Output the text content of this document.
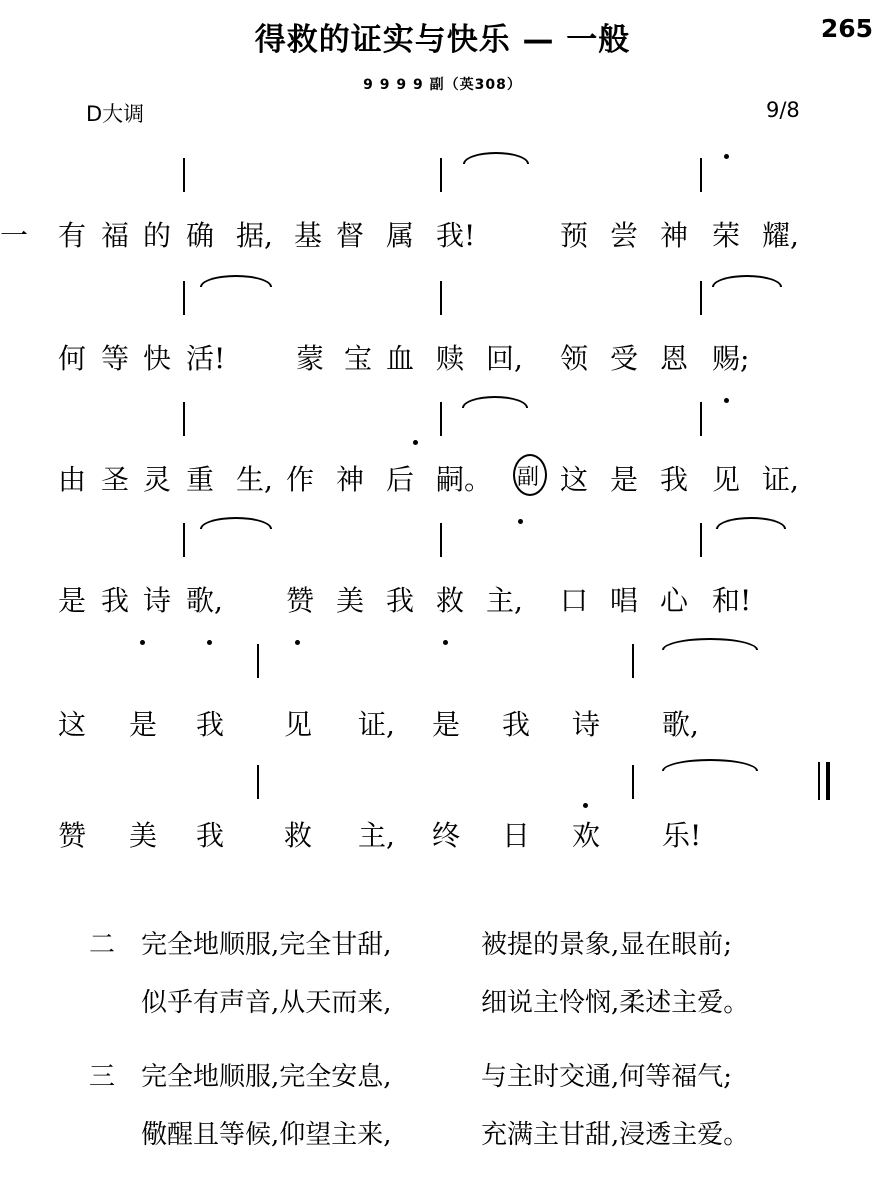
得救的证实与快乐 — 一般	265
9 9 9 9 副（英308）
D大调	9/8
一 有 福 的 确 据, 基 督 属 我!	预 尝 神 荣 耀,
何 等 快 活!	蒙 宝 血 赎 回, 领 受 恩 赐;
由 圣 灵 重 生, 作 神 后 嗣。 这 是 我 见 证,
是 我 诗 歌, 赞 美 我 救 主, 口 唱 心 和!
这 是 我 见 证, 是 我 诗 歌,
赞 美 我 救 主, 终 日 欢 乐!
副
二 完全地顺服,完全甘甜,	被提的景象,显在眼前;
似乎有声音,从天而来,	细说主怜悯,柔述主爱。
三 完全地顺服,完全安息,	与主时交通,何等福气;
儆醒且等候,仰望主来,	充满主甘甜,浸透主爱。
